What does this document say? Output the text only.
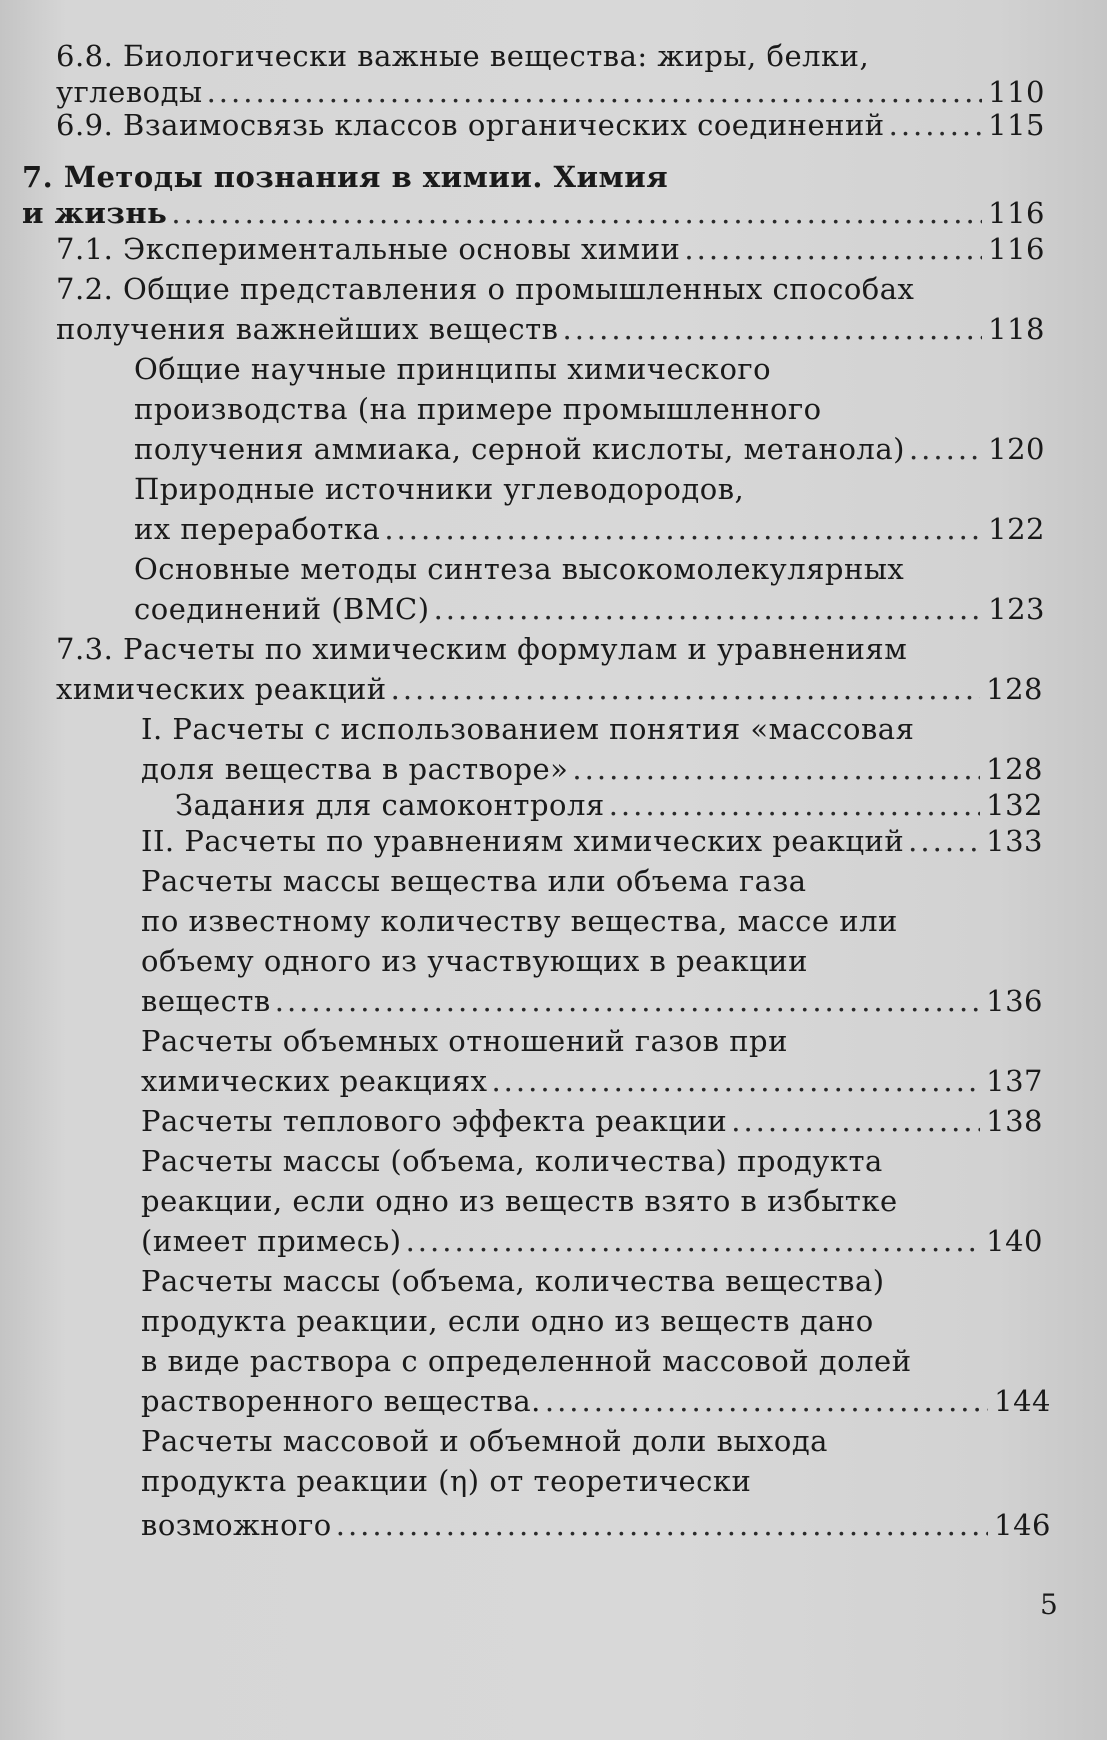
6.8. Биологически важные вещества: жиры, белки,
углеводы .....	110
6.9. Взаимосвязь классов органических соединений .....	115
7. Методы познания в химии. Химия
и жизнь .....	116
7.1. Экспериментальные основы химии .....	116
7.2. Общие представления о промышленных способах
получения важнейших веществ .....	118
Общие научные принципы химического
производства (на примере промышленного
получения аммиака, серной кислоты, метанола) .....	120
Природные источники углеводородов,
их переработка .....	122
Основные методы синтеза высокомолекулярных
соединений (ВМС) .....	123
7.3. Расчеты по химическим формулам и уравнениям
химических реакций .....	128
I. Расчеты с использованием понятия «массовая
доля вещества в растворе» .....	128
Задания для самоконтроля .....	132
II. Расчеты по уравнениям химических реакций .....	133
Расчеты массы вещества или объема газа
по известному количеству вещества, массе или
объему одного из участвующих в реакции
веществ .....	136
Расчеты объемных отношений газов при
химических реакциях .....	137
Расчеты теплового эффекта реакции .....	138
Расчеты массы (объема, количества) продукта
реакции, если одно из веществ взято в избытке
(имеет примесь) .....	140
Расчеты массы (объема, количества вещества)
продукта реакции, если одно из веществ дано
в виде раствора с определенной массовой долей
растворенного вещества. .....	144
Расчеты массовой и объемной доли выхода
продукта реакции (η) от теоретически
возможного .....	146
5
